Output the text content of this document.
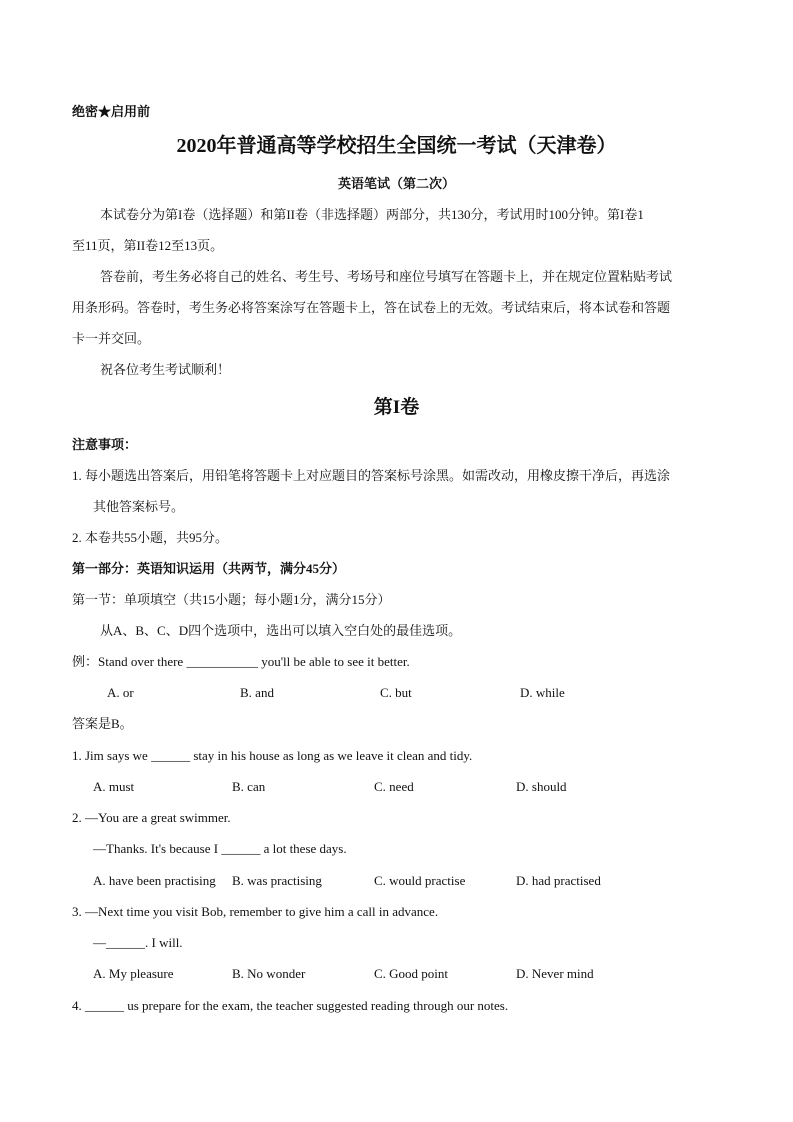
绝密★启用前
2020年普通高等学校招生全国统一考试（天津卷）
英语笔试（第二次）
本试卷分为第I卷（选择题）和第II卷（非选择题）两部分，共130分，考试用时100分钟。第I卷1
至11页，第II卷12至13页。
答卷前，考生务必将自己的姓名、考生号、考场号和座位号填写在答题卡上，并在规定位置粘贴考试
用条形码。答卷时，考生务必将答案涂写在答题卡上，答在试卷上的无效。考试结束后，将本试卷和答题
卡一并交回。
祝各位考生考试顺利！
第I卷
注意事项：
1. 每小题选出答案后，用铅笔将答题卡上对应题目的答案标号涂黑。如需改动，用橡皮擦干净后，再选涂
其他答案标号。
2. 本卷共55小题，共95分。
第一部分：英语知识运用（共两节，满分45分）
第一节：单项填空（共15小题；每小题1分，满分15分）
从A、B、C、D四个选项中，选出可以填入空白处的最佳选项。
例：Stand over there ___________ you'll be able to see it better.
A. or	B. and	C. but	D. while
答案是B。
1. Jim says we ______ stay in his house as long as we leave it clean and tidy.
A. must	B. can	C. need	D. should
2. —You are a great swimmer.
—Thanks. It's because I ______ a lot these days.
A. have been practising B. was practising	C. would practise	D. had practised
3. —Next time you visit Bob, remember to give him a call in advance.
—______. I will.
A. My pleasure	B. No wonder	C. Good point	D. Never mind
4. ______ us prepare for the exam, the teacher suggested reading through our notes.
